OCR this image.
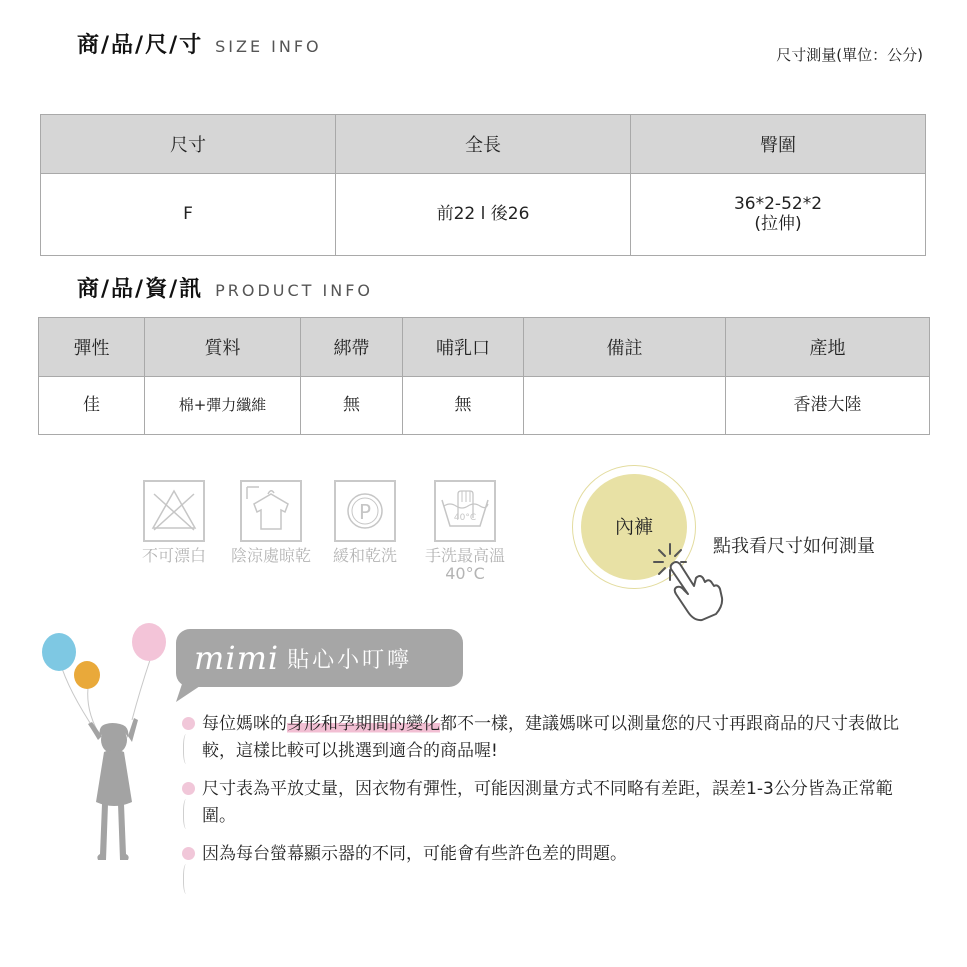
商/品/尺/寸 SIZE INFO	尺寸測量(單位：公分)
尺寸	全長	臀圍
F	前22 l 後26	36*2-52*2
(拉伸)
商/品/資/訊 PRODUCT INFO
彈性	質料	綁帶	哺乳口	備註	產地
佳	棉+彈力纖維	無	無		香港大陸
不可漂白 陰涼處晾乾
P
緩和乾洗
40°C
手洗最高溫
40°C
內褲
點我看尺寸如何測量
mimi 貼心小叮嚀
每位媽咪的身形和孕期間的變化都不一樣，建議媽咪可以測量您的尺寸再跟商品的尺寸表做比較，這樣比較可以挑選到適合的商品喔!
尺寸表為平放丈量，因衣物有彈性，可能因測量方式不同略有差距，誤差1-3公分皆為正常範圍。
因為每台螢幕顯示器的不同，可能會有些許色差的問題。
